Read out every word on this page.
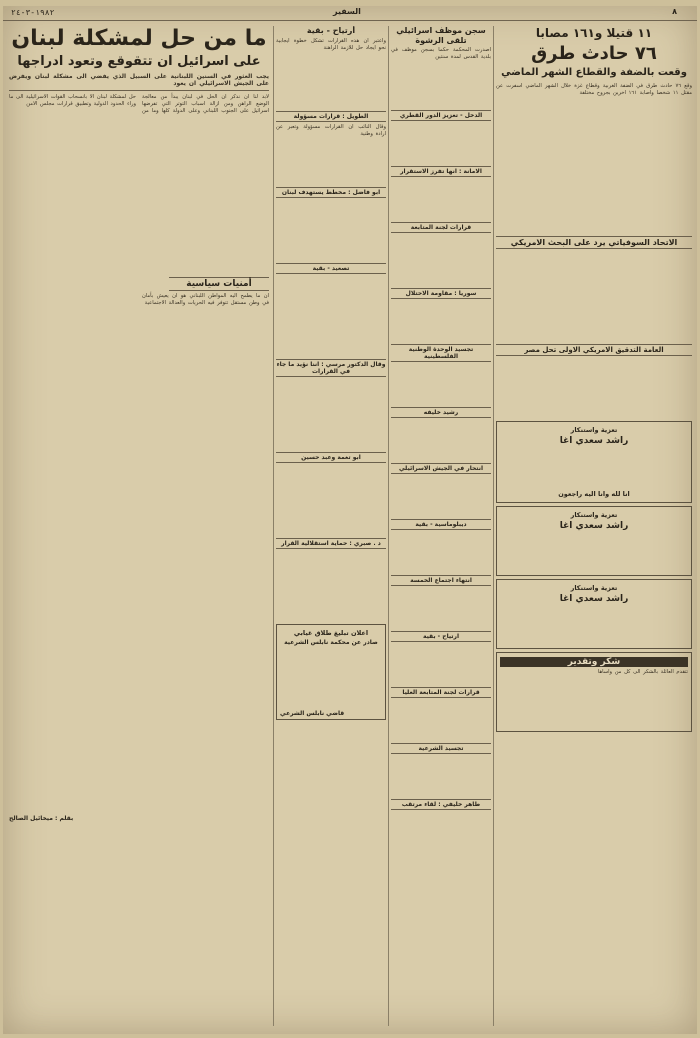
١٩٨٢-٣-٢٤	السفير	٨
١١ قتيلا و١٦١ مصابا
٧٦ حادث طرق
وقعت بالضفة والقطاع الشهر الماضي
وقع ٧٦ حادث طرق في الضفة الغربية وقطاع غزة خلال الشهر الماضي اسفرت عن مقتل ١١ شخصا واصابة ١٦١ اخرين بجروح مختلفة
الاتحاد السوفياتي يرد على البحث الامريكي
العامة التدقيق الامريكي الاولى تحل مصر
تعزية واستنكار
راشد سعدي اغا
انا لله وانا اليه راجعون
تعزية واستنكار
راشد سعدي اغا
تعزية واستنكار
راشد سعدي اغا
شكر وتقدير
تتقدم العائلة بالشكر الى كل من واساها
سجن موظف اسرائيلي تلقى الرشوة
اصدرت المحكمة حكما بسجن موظف في بلدية القدس لمدة سنتين
الدخل - تعزيز الدور القطري
الامانة : انها تفرز الاستقرار
قرارات لجنة المتابعة
سوريا : مقاومة الاحتلال
تجسيد الوحدة الوطنية الفلسطينية
رشيد خليفه
انتحار في الجيش الاسرائيلي
ديبلوماسية - بقية
انتهاء اجتماع الخمسة
ارتياح - بقية
قرارات لجنة المتابعة العليا
تجسيد الشرعية
طاهر خليفي : لقاء مرتقب
أرتياح - بقية
واعتبر ان هذه القرارات تشكل خطوة ايجابية نحو ايجاد حل للازمة الراهنة
الطويل : قرارات مسؤولة
وقال النائب ان القرارات مسؤولة وتعبر عن ارادة وطنية
ابو فاضل : مخطط يستهدف لبنان
تصعيد - بقية
وقال الدكتور مرسي : اننا نؤيد ما جاء في القرارات
ابو تغمة وعبد حسين
د . صبري : حماية استقلالية القرار
اعلان تبليغ طلاق غيابي
صادر عن محكمة نابلس الشرعية
قاضي نابلس الشرعي
ما من حل لمشكلة لبنان
على اسرائيل ان تتقوقع وتعود ادراجها
يجب العثور في السنين اللبنانية على السبيل الذي يفضي الى مشكلة لبنان ويفرض على الجيش الاسرائيلي ان يعود
لابد لنا ان نذكر ان الحل في لبنان يبدأ من معالجة الوضع الراهن ومن ازالة اسباب التوتر التي تفرضها اسرائيل على الجنوب اللبناني وعلى الدولة كلها وما من حل لمشكلة لبنان الا بانسحاب القوات الاسرائيلية الى ما وراء الحدود الدولية وتطبيق قرارات مجلس الامن
أمنيات سياسية
ان ما يطمح اليه المواطن اللبناني هو ان يعيش بأمان في وطن مستقل تتوفر فيه الحريات والعدالة الاجتماعية
بقلم : ميخائيل الصالح
